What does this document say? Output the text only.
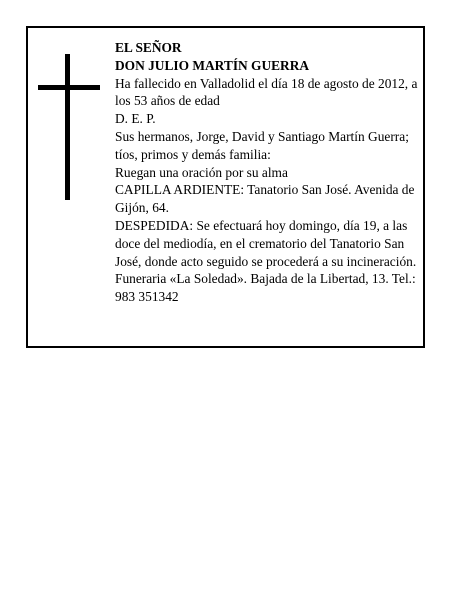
EL SEÑOR

DON JULIO MARTÍN GUERRA

Ha fallecido en Valladolid el día 18 de agosto de 2012, a los 53 años de edad

D. E. P.

Sus hermanos, Jorge, David y Santiago Martín Guerra; tíos, primos y demás familia:

Ruegan una oración por su alma

CAPILLA ARDIENTE: Tanatorio San José. Avenida de Gijón, 64.

DESPEDIDA: Se efectuará hoy domingo, día 19, a las doce del mediodía, en el crematorio del Tanatorio San José, donde acto seguido se procederá a su incineración.

Funeraria «La Soledad». Bajada de la Libertad, 13. Tel.: 983 351342
